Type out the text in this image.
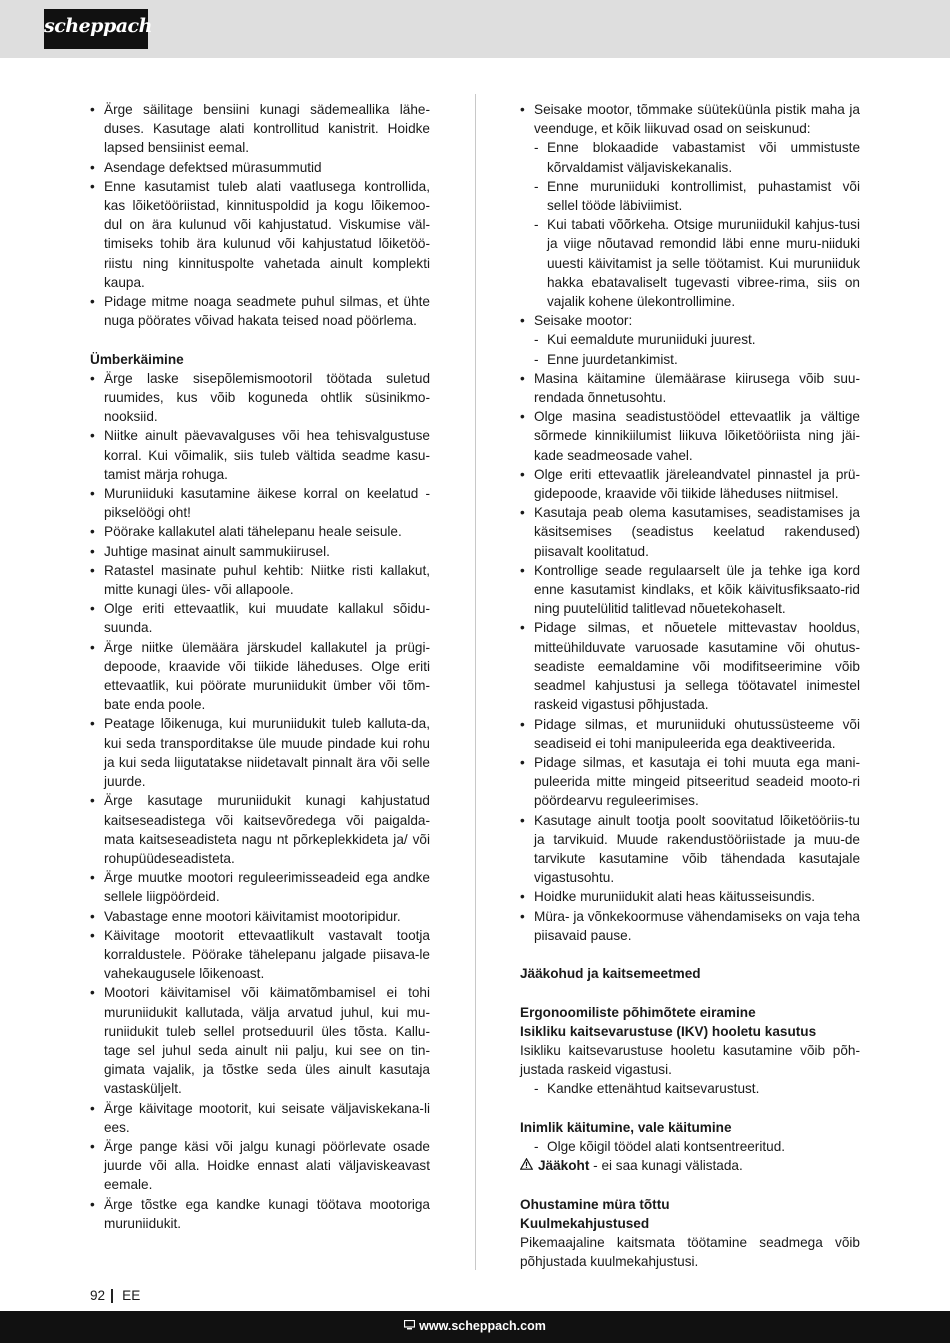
scheppach
• Ärge säilitage bensiini kunagi sädemeallika lähe-duses. Kasutage alati kontrollitud kanistrit. Hoidke lapsed bensiinist eemal.
• Asendage defektsed mürasummutid
• Enne kasutamist tuleb alati vaatlusega kontrollida, kas lõiketööriistad, kinnituspoldid ja kogu lõikemoo-dul on ära kulunud või kahjustatud. Viskumise väl-timiseks tohib ära kulunud või kahjustatud lõiketöö-riistu ning kinnituspolte vahetada ainult komplekti kaupa.
• Pidage mitme noaga seadmete puhul silmas, et ühte nuga pöörates võivad hakata teised noad pöörlema.
Ümberkäimine
• Ärge laske sisepõlemismootoril töötada suletud ruumides, kus võib koguneda ohtlik süsinikmo-nooksiid.
• Niitke ainult päevavalguses või hea tehisvalgustuse korral. Kui võimalik, siis tuleb vältida seadme kasu-tamist märja rohuga.
• Muruniiduki kasutamine äikese korral on keelatud - pikselöögi oht!
• Pöörake kallakutel alati tähelepanu heale seisule.
• Juhtige masinat ainult sammukiirusel.
• Ratastel masinate puhul kehtib: Niitke risti kallakut, mitte kunagi üles- või allapoole.
• Olge eriti ettevaatlik, kui muudate kallakul sõidu-suunda.
• Ärge niitke ülemäära järskudel kallakutel ja prügi-depoode, kraavide või tiikide läheduses. Olge eriti ettevaatlik, kui pöörate muruniidukit ümber või tõm-bate enda poole.
• Peatage lõikenuga, kui muruniidukit tuleb kalluta-da, kui seda transporditakse üle muude pindade kui rohu ja kui seda liigutatakse niidetavalt pinnalt ära või selle juurde.
• Ärge kasutage muruniidukit kunagi kahjustatud kaitseseadistega või kaitsevõredega või paigalda-mata kaitseseadisteta nagu nt põrkeplekkideta ja/ või rohupüüdeseadisteta.
• Ärge muutke mootori reguleerimisseadeid ega andke sellele liigpöördeid.
• Vabastage enne mootori käivitamist mootoripidur.
• Käivitage mootorit ettevaatlikult vastavalt tootja korraldustele. Pöörake tähelepanu jalgade piisava-le vahekaugusele lõikenoast.
• Mootori käivitamisel või käimatõmbamisel ei tohi muruniidukit kallutada, välja arvatud juhul, kui mu-runiidukit tuleb sellel protseduuril üles tõsta. Kallu-tage sel juhul seda ainult nii palju, kui see on tin-gimata vajalik, ja tõstke seda üles ainult kasutaja vastasküljelt.
• Ärge käivitage mootorit, kui seisate väljaviskekana-li ees.
• Ärge pange käsi või jalgu kunagi pöörlevate osade juurde või alla. Hoidke ennast alati väljaviskeavast eemale.
• Ärge tõstke ega kandke kunagi töötava mootoriga muruniidukit.
• Seisake mootor, tõmmake süüteküünla pistik maha ja veenduge, et kõik liikuvad osad on seiskunud:
- Enne blokaadide vabastamist või ummistuste kõrvaldamist väljaviskekanalis.
- Enne muruniiduki kontrollimist, puhastamist või sellel tööde läbiviimist.
- Kui tabati võõrkeha. Otsige muruniidukil kahjus-tusi ja viige nõutavad remondid läbi enne muru-niiduki uuesti käivitamist ja selle töötamist. Kui muruniiduk hakka ebatavaliselt tugevasti vibree-rima, siis on vajalik kohene ülekontrollimine.
• Seisake mootor:
- Kui eemaldute muruniiduki juurest.
- Enne juurdetankimist.
• Masina käitamine ülemäärase kiirusega võib suu-rendada õnnetusohtu.
• Olge masina seadistustöödel ettevaatlik ja vältige sõrmede kinnikiilumist liikuva lõiketööriista ning jäi-kade seadmeosade vahel.
• Olge eriti ettevaatlik järeleandvatel pinnastel ja prü-gidepoode, kraavide või tiikide läheduses niitmisel.
• Kasutaja peab olema kasutamises, seadistamises ja käsitsemises (seadistus keelatud rakendused) piisavalt koolitatud.
• Kontrollige seade regulaarselt üle ja tehke iga kord enne kasutamist kindlaks, et kõik käivitusfiksaato-rid ning puutelülitid talitlevad nõuetekohaselt.
• Pidage silmas, et nõuetele mittevastav hooldus, mitteühilduvate varuosade kasutamine või ohutus-seadiste eemaldamine või modifitseerimine võib seadmel kahjustusi ja sellega töötavatel inimestel raskeid vigastusi põhjustada.
• Pidage silmas, et muruniiduki ohutussüsteeme või seadiseid ei tohi manipuleerida ega deaktiveerida.
• Pidage silmas, et kasutaja ei tohi muuta ega mani-puleerida mitte mingeid pitseeritud seadeid mooto-ri pöördearvu reguleerimises.
• Kasutage ainult tootja poolt soovitatud lõiketööriis-tu ja tarvikuid. Muude rakendustööriistade ja muu-de tarvikute kasutamine võib tähendada kasutajale vigastusohtu.
• Hoidke muruniidukit alati heas käitusseisundis.
• Müra- ja võnkekoormuse vähendamiseks on vaja teha piisavaid pause.
Jääkohud ja kaitsemeetmed
Ergonoomiliste põhimõtete eiramine
Isikliku kaitsevarustuse (IKV) hooletu kasutus
Isikliku kaitsevarustuse hooletu kasutamine võib põh-justada raskeid vigastusi.
- Kandke ettenähtud kaitsevarustust.
Inimlik käitumine, vale käitumine
- Olge kõigil töödel alati kontsentreeritud.
Jääkoht - ei saa kunagi välistada.
Ohustamine müra tõttu
Kuulmekahjustused
Pikemaajaline kaitsmata töötamine seadmega võib põhjustada kuulmekahjustusi.
92 EE
www.scheppach.com
